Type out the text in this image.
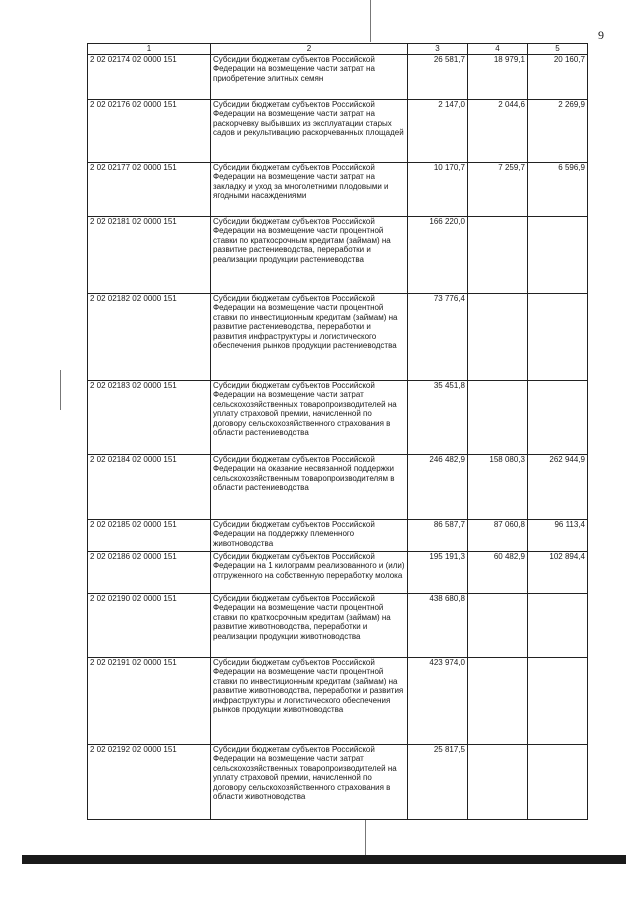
9
1	2	3	4	5
2 02 02174 02 0000 151	Субсидии бюджетам субъектов Российской Федерации на возмещение части затрат на приобретение элитных семян	26 581,7	18 979,1	20 160,7
2 02 02176 02 0000 151	Субсидии бюджетам субъектов Российской Федерации на возмещение части затрат на раскорчевку выбывших из эксплуатации старых садов и рекультивацию раскорчеванных площадей	2 147,0	2 044,6	2 269,9
2 02 02177 02 0000 151	Субсидии бюджетам субъектов Российской Федерации на возмещение части затрат на закладку и уход за многолетними плодовыми и ягодными насаждениями	10 170,7	7 259,7	6 596,9
2 02 02181 02 0000 151	Субсидии бюджетам субъектов Российской Федерации на возмещение части процентной ставки по краткосрочным кредитам (займам) на развитие растениеводства, переработки и реализации продукции растениеводства	166 220,0		
2 02 02182 02 0000 151	Субсидии бюджетам субъектов Российской Федерации на возмещение части процентной ставки по инвестиционным кредитам (займам) на развитие растениеводства, переработки и развития инфраструктуры и логистического обеспечения рынков продукции растениеводства	73 776,4		
2 02 02183 02 0000 151	Субсидии бюджетам субъектов Российской Федерации на возмещение части затрат сельскохозяйственных товаропроизводителей на уплату страховой премии, начисленной по договору сельскохозяйственного страхования в области растениеводства	35 451,8		
2 02 02184 02 0000 151	Субсидии бюджетам субъектов Российской Федерации на оказание несвязанной поддержки сельскохозяйственным товаропроизводителям в области растениеводства	246 482,9	158 080,3	262 944,9
2 02 02185 02 0000 151	Субсидии бюджетам субъектов Российской Федерации на поддержку племенного животноводства	86 587,7	87 060,8	96 113,4
2 02 02186 02 0000 151	Субсидии бюджетам субъектов Российской Федерации на 1 килограмм реализованного и (или) отгруженного на собственную переработку молока	195 191,3	60 482,9	102 894,4
2 02 02190 02 0000 151	Субсидии бюджетам субъектов Российской Федерации на возмещение части процентной ставки по краткосрочным кредитам (займам) на развитие животноводства, переработки и реализации продукции животноводства	438 680,8		
2 02 02191 02 0000 151	Субсидии бюджетам субъектов Российской Федерации на возмещение части процентной ставки по инвестиционным кредитам (займам) на развитие животноводства, переработки и развития инфраструктуры и логистического обеспечения рынков продукции животноводства	423 974,0		
2 02 02192 02 0000 151	Субсидии бюджетам субъектов Российской Федерации на возмещение части затрат сельскохозяйственных товаропроизводителей на уплату страховой премии, начисленной по договору сельскохозяйственного страхования в области животноводства	25 817,5		
